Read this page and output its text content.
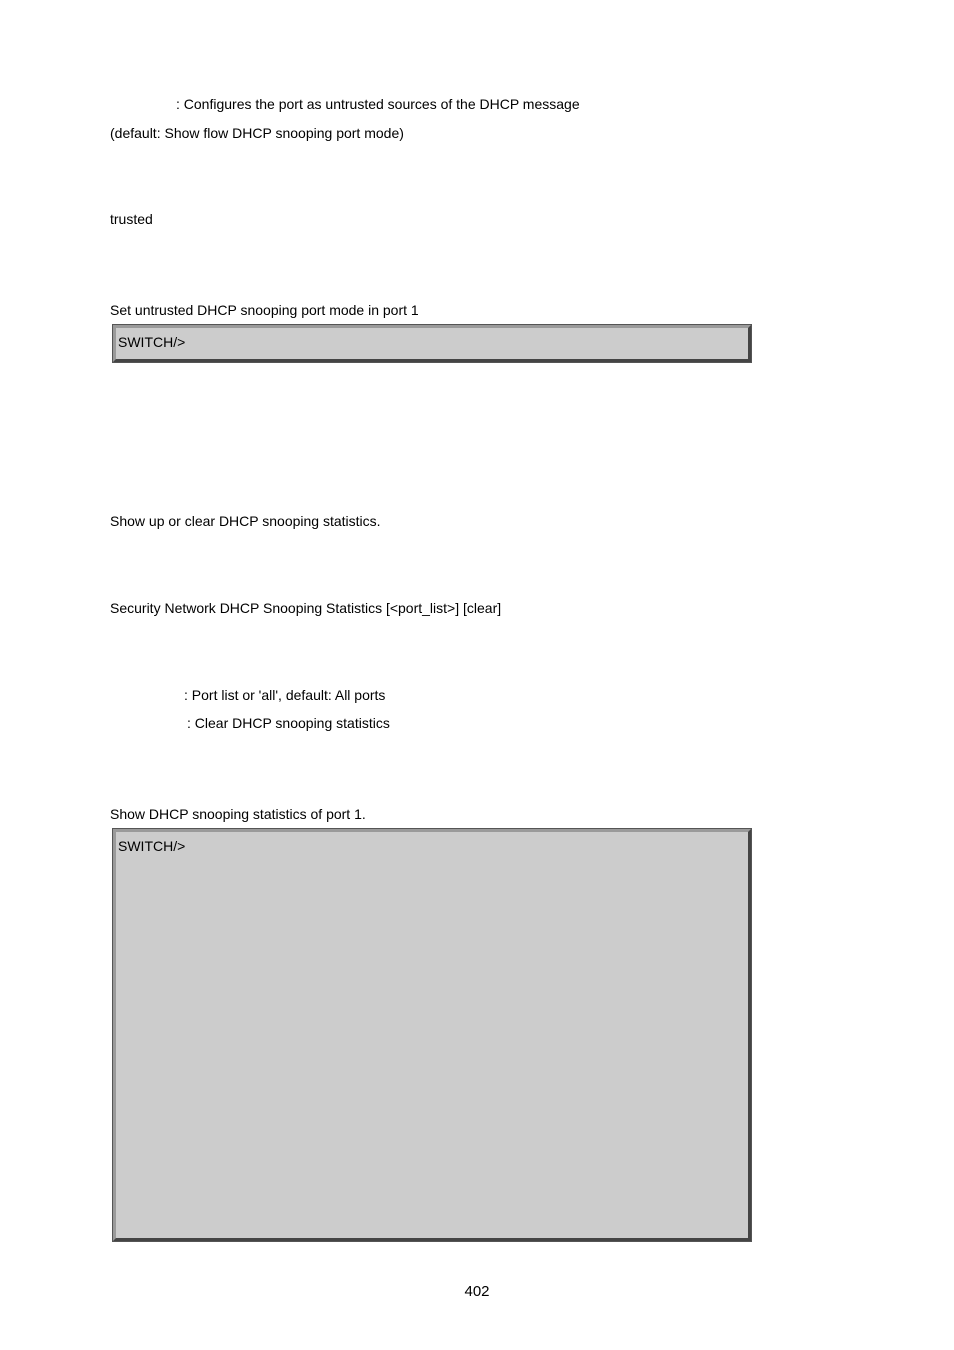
: Configures the port as untrusted sources of the DHCP message

(default: Show flow DHCP snooping port mode)

trusted

Set untrusted DHCP snooping port mode in port 1

SWITCH/>

Show up or clear DHCP snooping statistics.

Security Network DHCP Snooping Statistics [<port_list>] [clear]

: Port list or 'all', default: All ports

: Clear DHCP snooping statistics

Show DHCP snooping statistics of port 1.

SWITCH/>
402
